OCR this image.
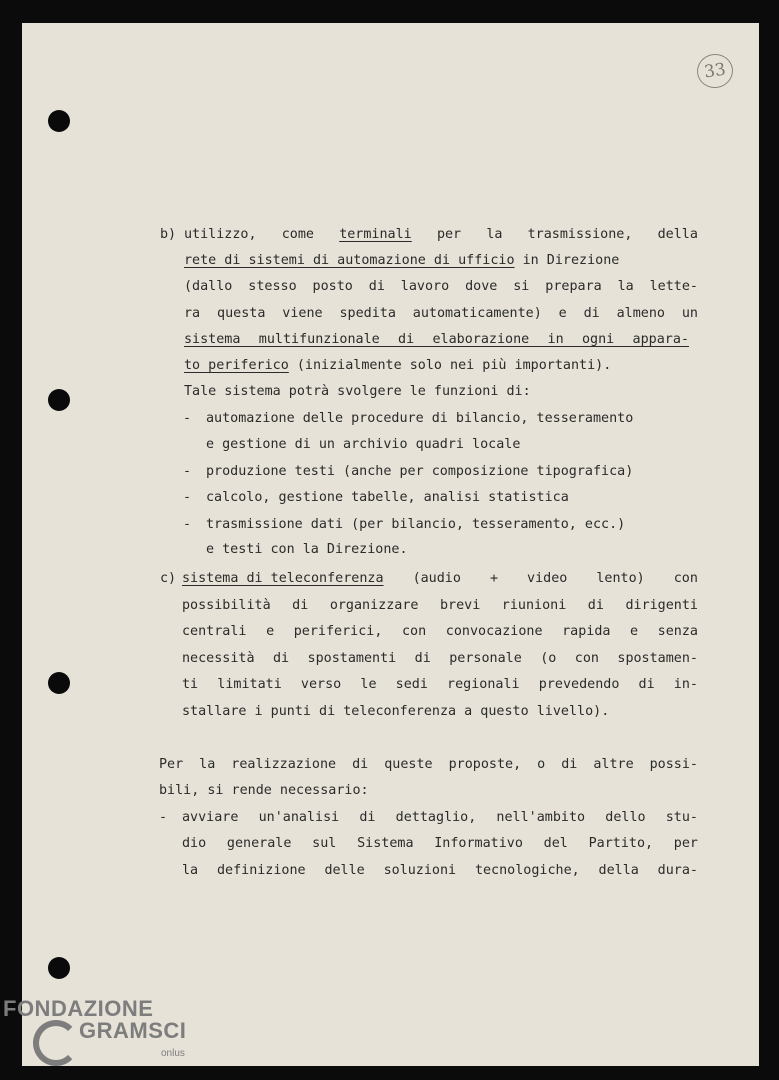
33
b) utilizzo, come terminali per la trasmissione, della
rete di sistemi di automazione di ufficio in Direzione
(dallo stesso posto di lavoro dove si prepara la lette-
ra questa viene spedita automaticamente) e di almeno un
sistema multifunzionale di elaborazione in ogni appara-
to periferico (inizialmente solo nei più importanti).
Tale sistema potrà svolgere le funzioni di:
- automazione delle procedure di bilancio, tesseramento
e gestione di un archivio quadri locale
- produzione testi (anche per composizione tipografica)
- calcolo, gestione tabelle, analisi statistica
- trasmissione dati (per bilancio, tesseramento, ecc.)
e testi con la Direzione.
c) sistema di teleconferenza (audio + video lento) con
possibilità di organizzare brevi riunioni di dirigenti
centrali e periferici, con convocazione rapida e senza
necessità di spostamenti di personale (o con spostamen-
ti limitati verso le sedi regionali prevedendo di in-
stallare i punti di teleconferenza a questo livello).
Per la realizzazione di queste proposte, o di altre possi-
bili, si rende necessario:
- avviare un'analisi di dettaglio, nell'ambito dello stu-
dio generale sul Sistema Informativo del Partito, per
la definizione delle soluzioni tecnologiche, della dura-
FONDAZIONE
GRAMSCI
onlus
